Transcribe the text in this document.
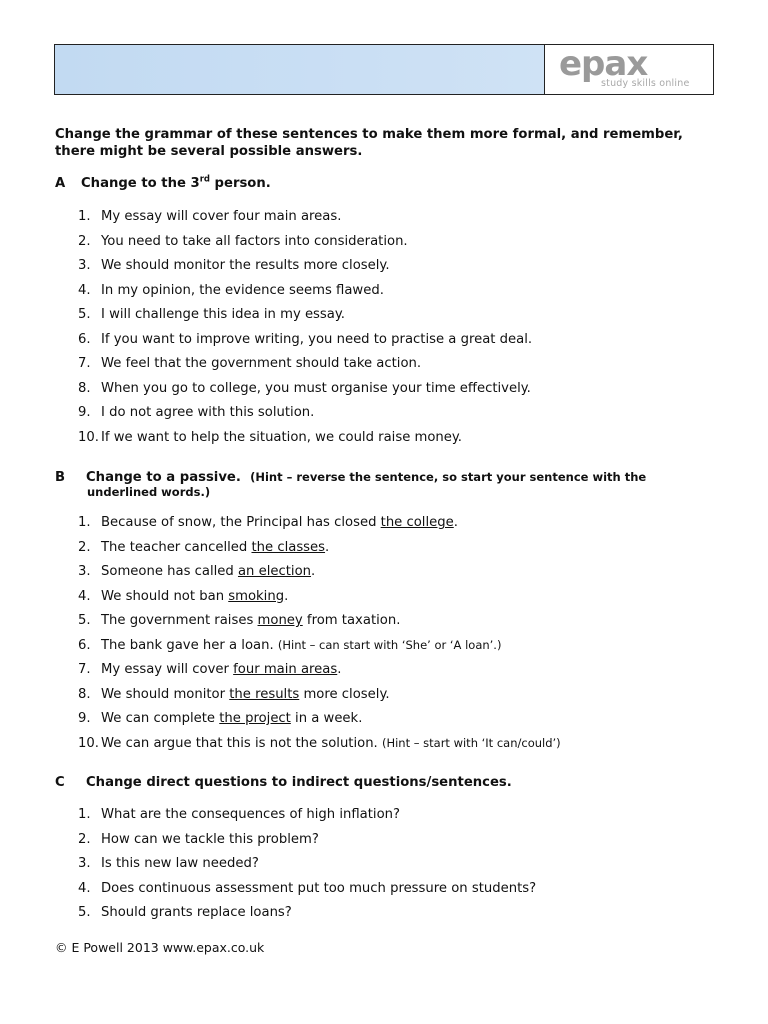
epax
study skills online
Change the grammar of these sentences to make them more formal, and remember, there might be several possible answers.
A Change to the 3rd person.
1. My essay will cover four main areas.
2. You need to take all factors into consideration.
3. We should monitor the results more closely.
4. In my opinion, the evidence seems flawed.
5. I will challenge this idea in my essay.
6. If you want to improve writing, you need to practise a great deal.
7. We feel that the government should take action.
8. When you go to college, you must organise your time effectively.
9. I do not agree with this solution.
10. If we want to help the situation, we could raise money.
B Change to a passive. (Hint – reverse the sentence, so start your sentence with the
underlined words.)
1. Because of snow, the Principal has closed the college.
2. The teacher cancelled the classes.
3. Someone has called an election.
4. We should not ban smoking.
5. The government raises money from taxation.
6. The bank gave her a loan. (Hint – can start with ‘She’ or ‘A loan’.)
7. My essay will cover four main areas.
8. We should monitor the results more closely.
9. We can complete the project in a week.
10. We can argue that this is not the solution. (Hint – start with ‘It can/could’)
C Change direct questions to indirect questions/sentences.
1. What are the consequences of high inflation?
2. How can we tackle this problem?
3. Is this new law needed?
4. Does continuous assessment put too much pressure on students?
5. Should grants replace loans?
© E Powell 2013 www.epax.co.uk
